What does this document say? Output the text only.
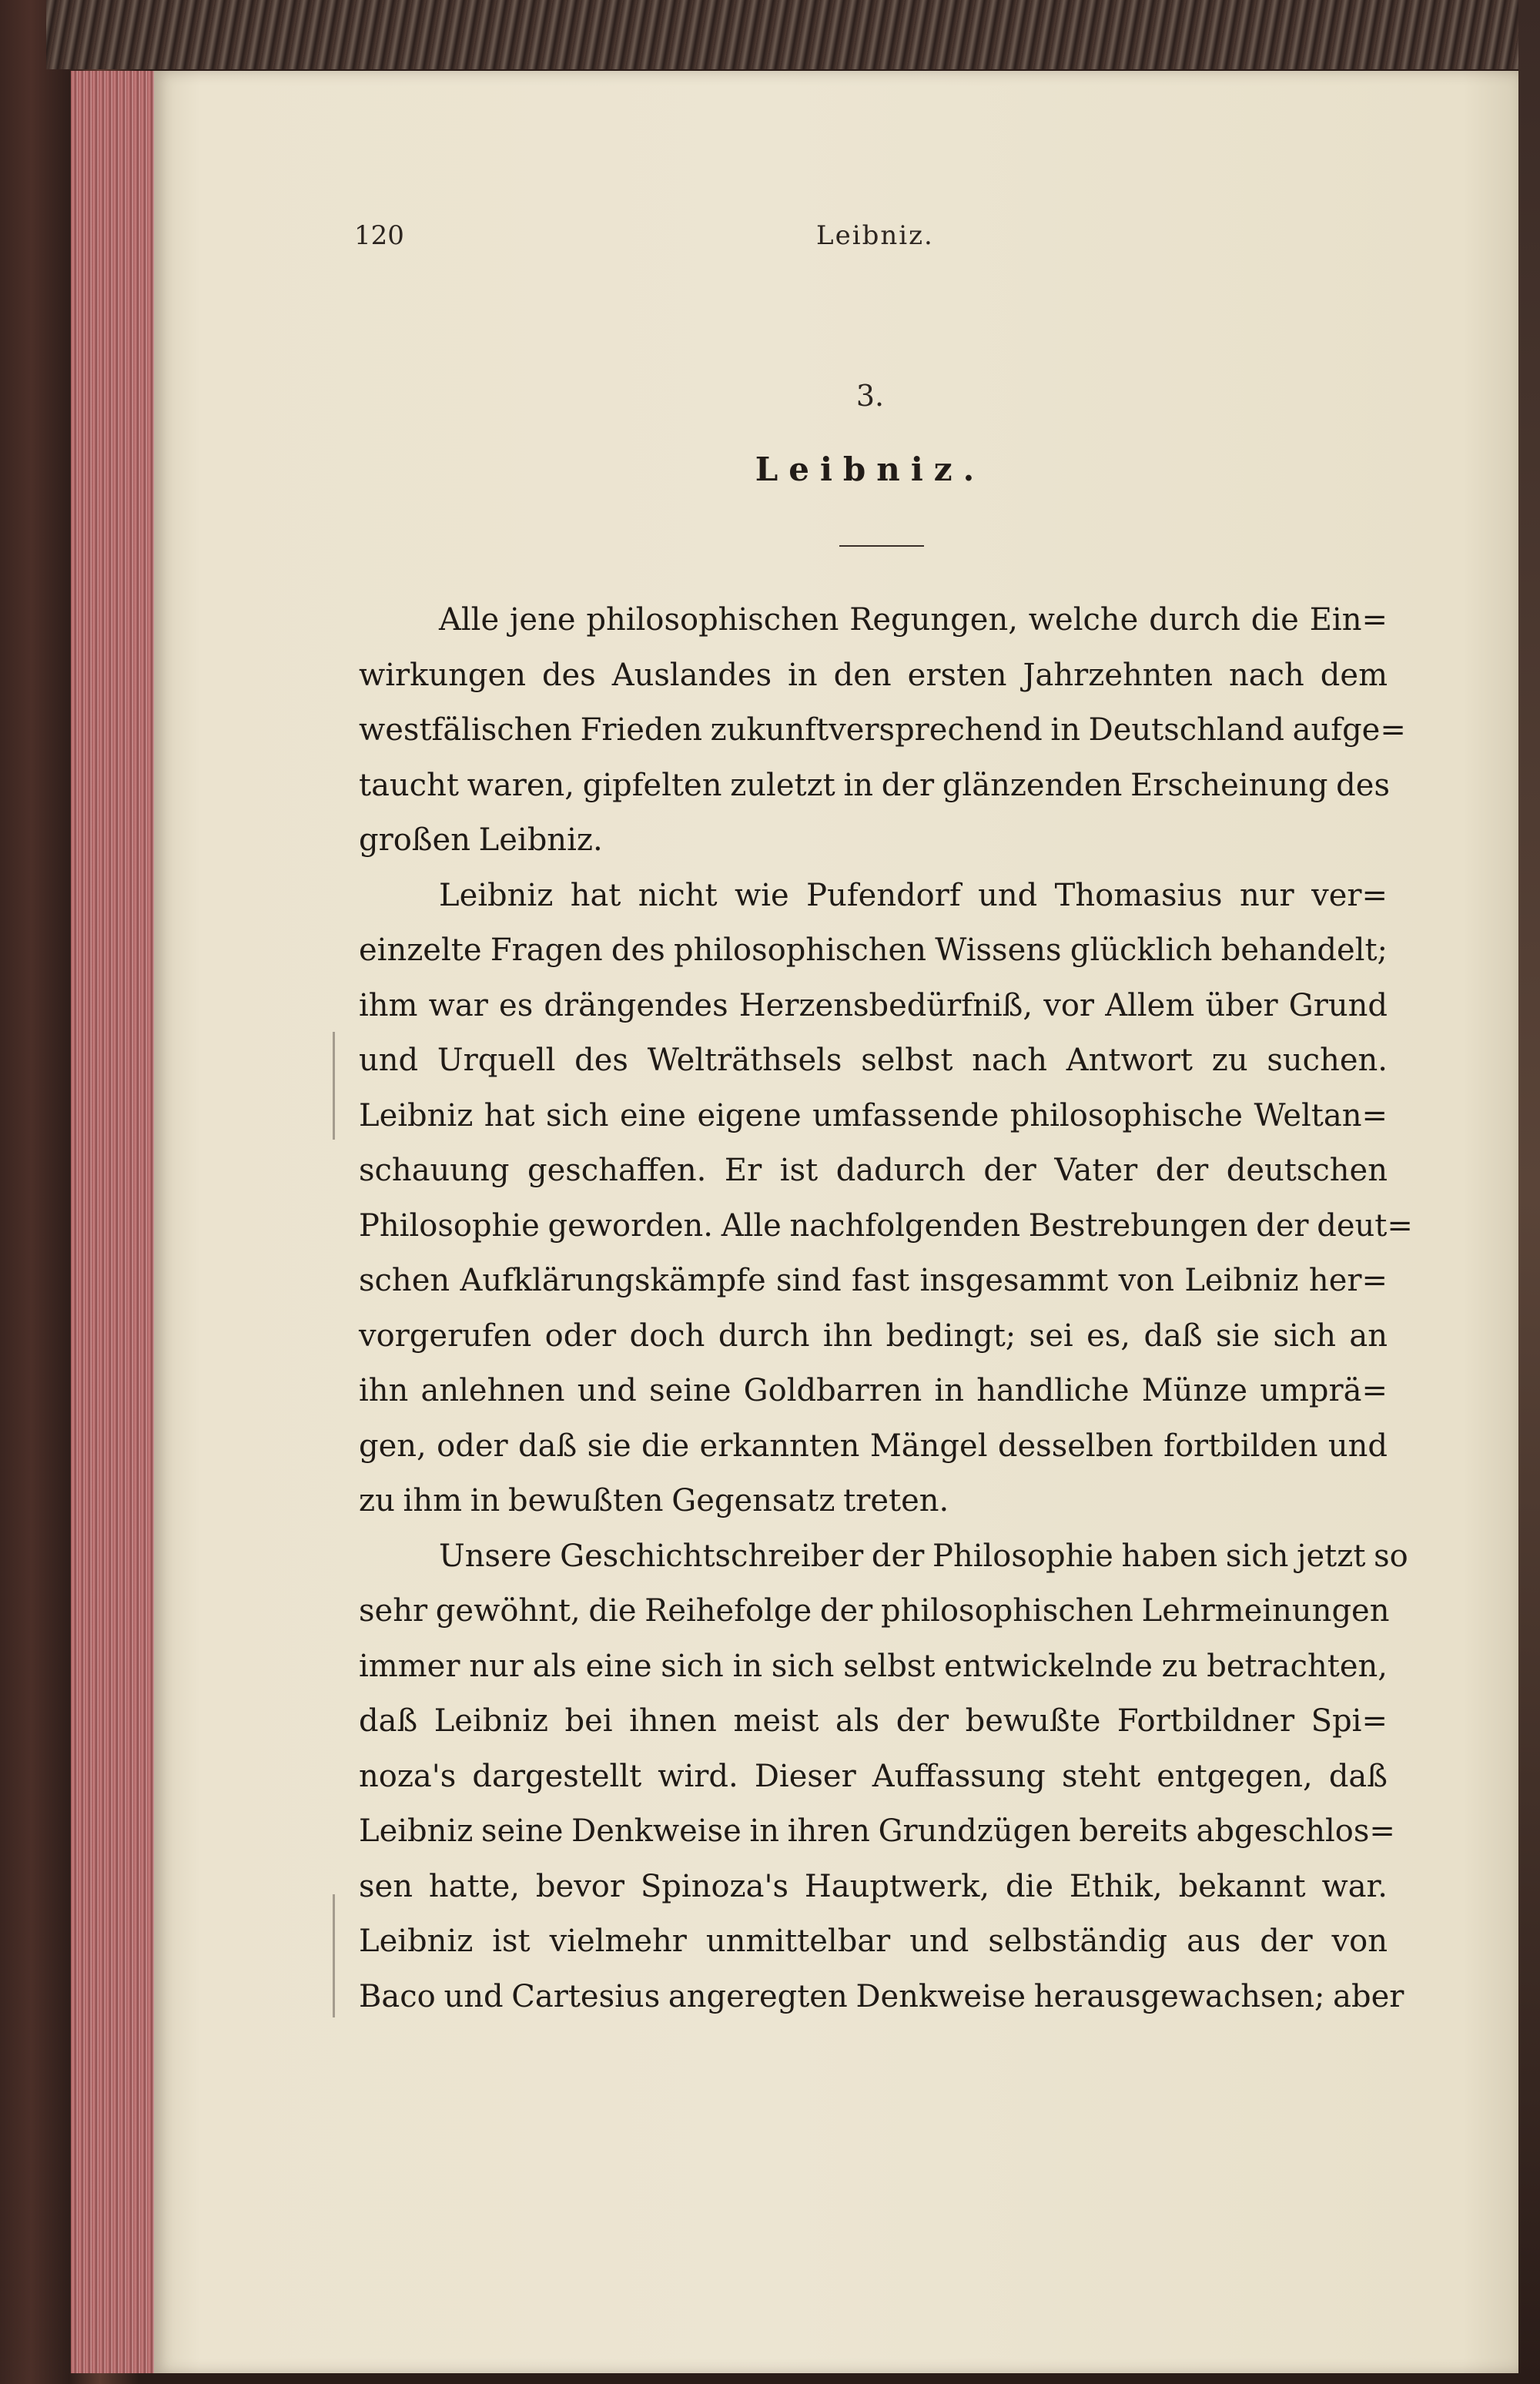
120	Leibniz.
3.
Leibniz.
Alle jene philosophischen Regungen, welche durch die Ein=
wirkungen des Auslandes in den ersten Jahrzehnten nach dem
westfälischen Frieden zukunftversprechend in Deutschland aufge=
taucht waren, gipfelten zuletzt in der glänzenden Erscheinung des
großen Leibniz.
Leibniz hat nicht wie Pufendorf und Thomasius nur ver=
einzelte Fragen des philosophischen Wissens glücklich behandelt;
ihm war es drängendes Herzensbedürfniß, vor Allem über Grund
und Urquell des Welträthsels selbst nach Antwort zu suchen.
Leibniz hat sich eine eigene umfassende philosophische Weltan=
schauung geschaffen. Er ist dadurch der Vater der deutschen
Philosophie geworden. Alle nachfolgenden Bestrebungen der deut=
schen Aufklärungskämpfe sind fast insgesammt von Leibniz her=
vorgerufen oder doch durch ihn bedingt; sei es, daß sie sich an
ihn anlehnen und seine Goldbarren in handliche Münze umprä=
gen, oder daß sie die erkannten Mängel desselben fortbilden und
zu ihm in bewußten Gegensatz treten.
Unsere Geschichtschreiber der Philosophie haben sich jetzt so
sehr gewöhnt, die Reihefolge der philosophischen Lehrmeinungen
immer nur als eine sich in sich selbst entwickelnde zu betrachten,
daß Leibniz bei ihnen meist als der bewußte Fortbildner Spi=
noza's dargestellt wird. Dieser Auffassung steht entgegen, daß
Leibniz seine Denkweise in ihren Grundzügen bereits abgeschlos=
sen hatte, bevor Spinoza's Hauptwerk, die Ethik, bekannt war.
Leibniz ist vielmehr unmittelbar und selbständig aus der von
Baco und Cartesius angeregten Denkweise herausgewachsen; aber
